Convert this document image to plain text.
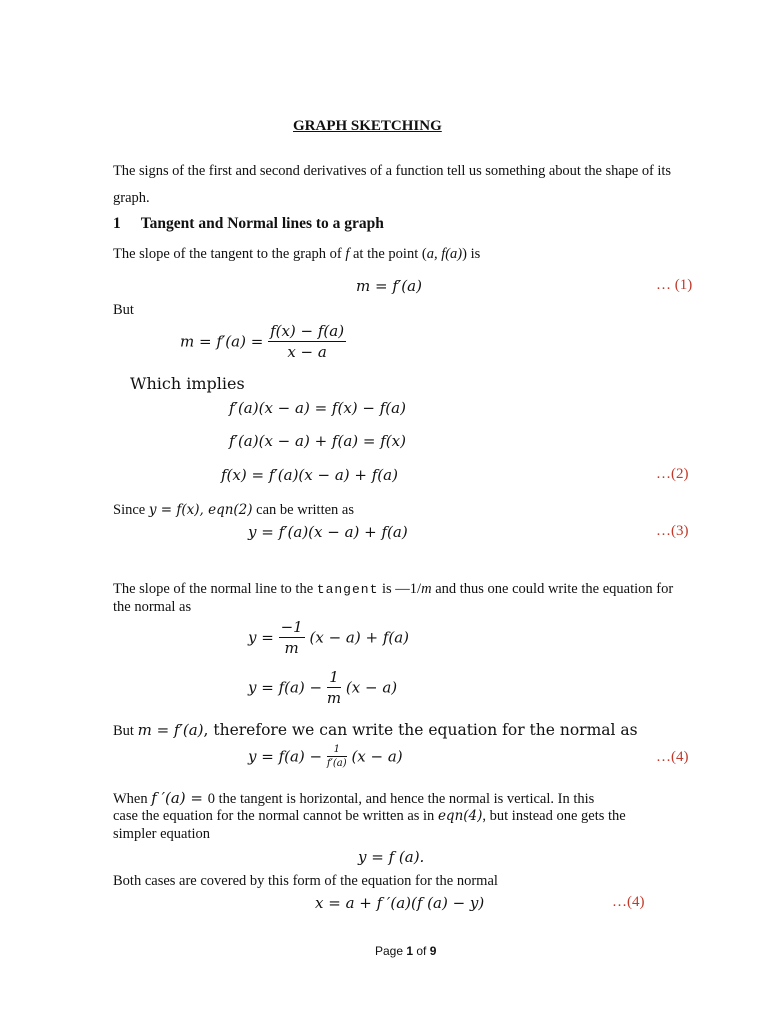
GRAPH SKETCHING
The signs of the first and second derivatives of a function tell us something about the shape of its
graph.
1 Tangent and Normal lines to a graph
The slope of the tangent to the graph of f at the point (a, f(a)) is
m = f′(a)	… (1)
But
$m = f'(a) = \frac{f(x) - f(a)}{x - a}$
Which implies
f′(a)(x − a) = f(x) − f(a)
f′(a)(x − a) + f(a) = f(x)
f(x) = f′(a)(x − a) + f(a)	…(2)
Since y = f(x), eqn(2) can be written as
y = f′(a)(x − a) + f(a)	…(3)
The slope of the normal line to the tangent is —1/m and thus one could write the equation for
the normal as
$y = \frac{-1}{m} (x - a) + f(a)$
$y = f(a) - \frac{1}{m} (x - a)$
But m = f′(a), therefore we can write the equation for the normal as
$y = f(a) - \frac{1}{f'(a)} (x - a)$	…(4)
When f ′(a) = 0 the tangent is horizontal, and hence the normal is vertical. In this
case the equation for the normal cannot be written as in eqn(4), but instead one gets the
simpler equation
y = f (a).
Both cases are covered by this form of the equation for the normal
x = a + f ′(a)(f (a) − y)	…(4)
Page 1 of 9
